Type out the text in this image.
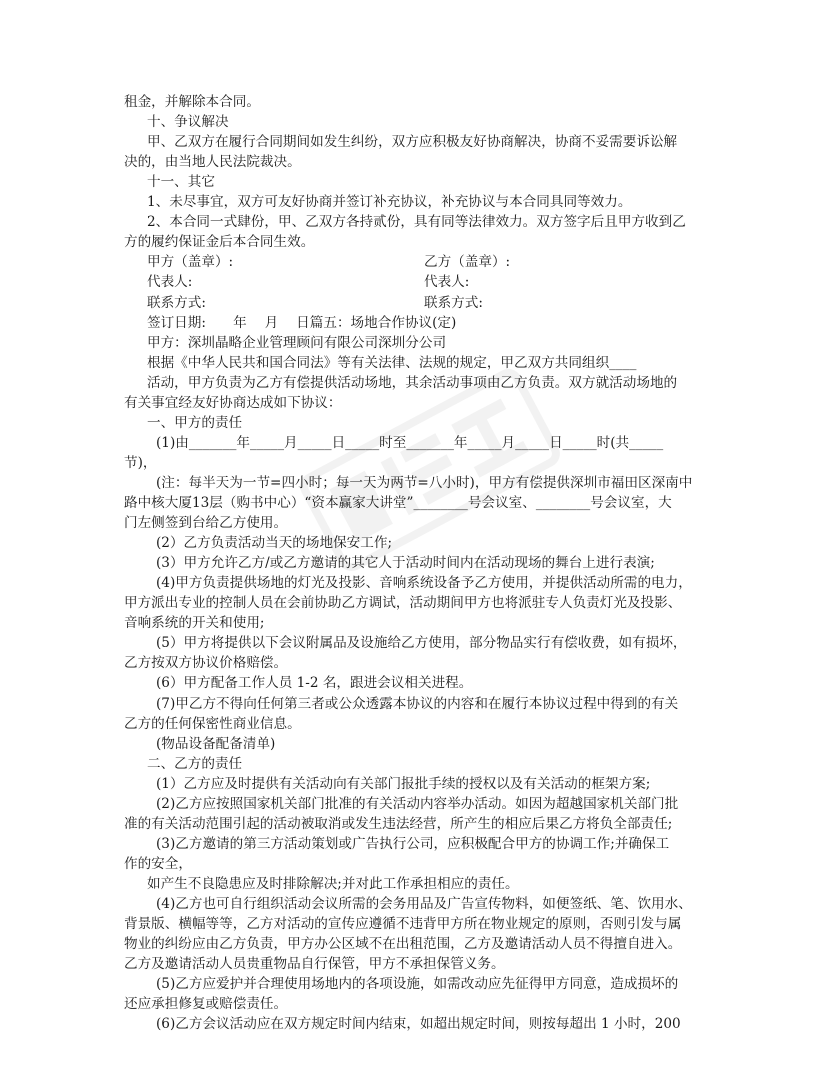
租金，并解除本合同。
十、争议解决
甲、乙双方在履行合同期间如发生纠纷，双方应积极友好协商解决，协商不妥需要诉讼解
决的，由当地人民法院裁决。
十一、其它
1、未尽事宜，双方可友好协商并签订补充协议，补充协议与本合同具同等效力。
2、本合同一式肆份，甲、乙双方各持贰份，具有同等法律效力。双方签字后且甲方收到乙
方的履约保证金后本合同生效。
甲方（盖章）:	乙方（盖章）:
代表人:	代表人:
联系方式:	联系方式:
签订日期:　　年　 月　 日篇五：场地合作协议(定)
甲方：深圳晶略企业管理顾问有限公司深圳分公司
根据《中华人民共和国合同法》等有关法律、法规的规定，甲乙双方共同组织____
活动，甲方负责为乙方有偿提供活动场地，其余活动事项由乙方负责。双方就活动场地的
有关事宜经友好协商达成如下协议：
一、甲方的责任
(1)由_______年_____月_____日_____时至_______年_____月_____日_____时(共_____
节)，
(注：每半天为一节=四小时；每一天为两节=八小时)，甲方有偿提供深圳市福田区深南中
路中核大厦13层（购书中心）“资本赢家大讲堂”________号会议室、________号会议室，大
门左侧签到台给乙方使用。
(2）乙方负责活动当天的场地保安工作;
(3）甲方允许乙方/或乙方邀请的其它人于活动时间内在活动现场的舞台上进行表演;
(4)甲方负责提供场地的灯光及投影、音响系统设备予乙方使用，并提供活动所需的电力，
甲方派出专业的控制人员在会前协助乙方调试，活动期间甲方也将派驻专人负责灯光及投影、
音响系统的开关和使用;
(5）甲方将提供以下会议附属品及设施给乙方使用，部分物品实行有偿收费，如有损坏，
乙方按双方协议价格赔偿。
(6）甲方配备工作人员 1-2 名，跟进会议相关进程。
(7)甲乙方不得向任何第三者或公众透露本协议的内容和在履行本协议过程中得到的有关
乙方的任何保密性商业信息。
(物品设备配备清单)
二、乙方的责任
(1）乙方应及时提供有关活动向有关部门报批手续的授权以及有关活动的框架方案;
(2)乙方应按照国家机关部门批准的有关活动内容举办活动。如因为超越国家机关部门批
准的有关活动范围引起的活动被取消或发生违法经营，所产生的相应后果乙方将负全部责任;
(3)乙方邀请的第三方活动策划或广告执行公司，应积极配合甲方的协调工作;并确保工
作的安全，
如产生不良隐患应及时排除解决;并对此工作承担相应的责任。
(4)乙方也可自行组织活动会议所需的会务用品及广告宣传物料，如便签纸、笔、饮用水、
背景版、横幅等等，乙方对活动的宣传应遵循不违背甲方所在物业规定的原则，否则引发与属
物业的纠纷应由乙方负责，甲方办公区域不在出租范围，乙方及邀请活动人员不得擅自进入。
乙方及邀请活动人员贵重物品自行保管，甲方不承担保管义务。
(5)乙方应爱护并合理使用场地内的各项设施，如需改动应先征得甲方同意，造成损坏的
还应承担修复或赔偿责任。
(6)乙方会议活动应在双方规定时间内结束，如超出规定时间，则按每超出 1 小时，200
